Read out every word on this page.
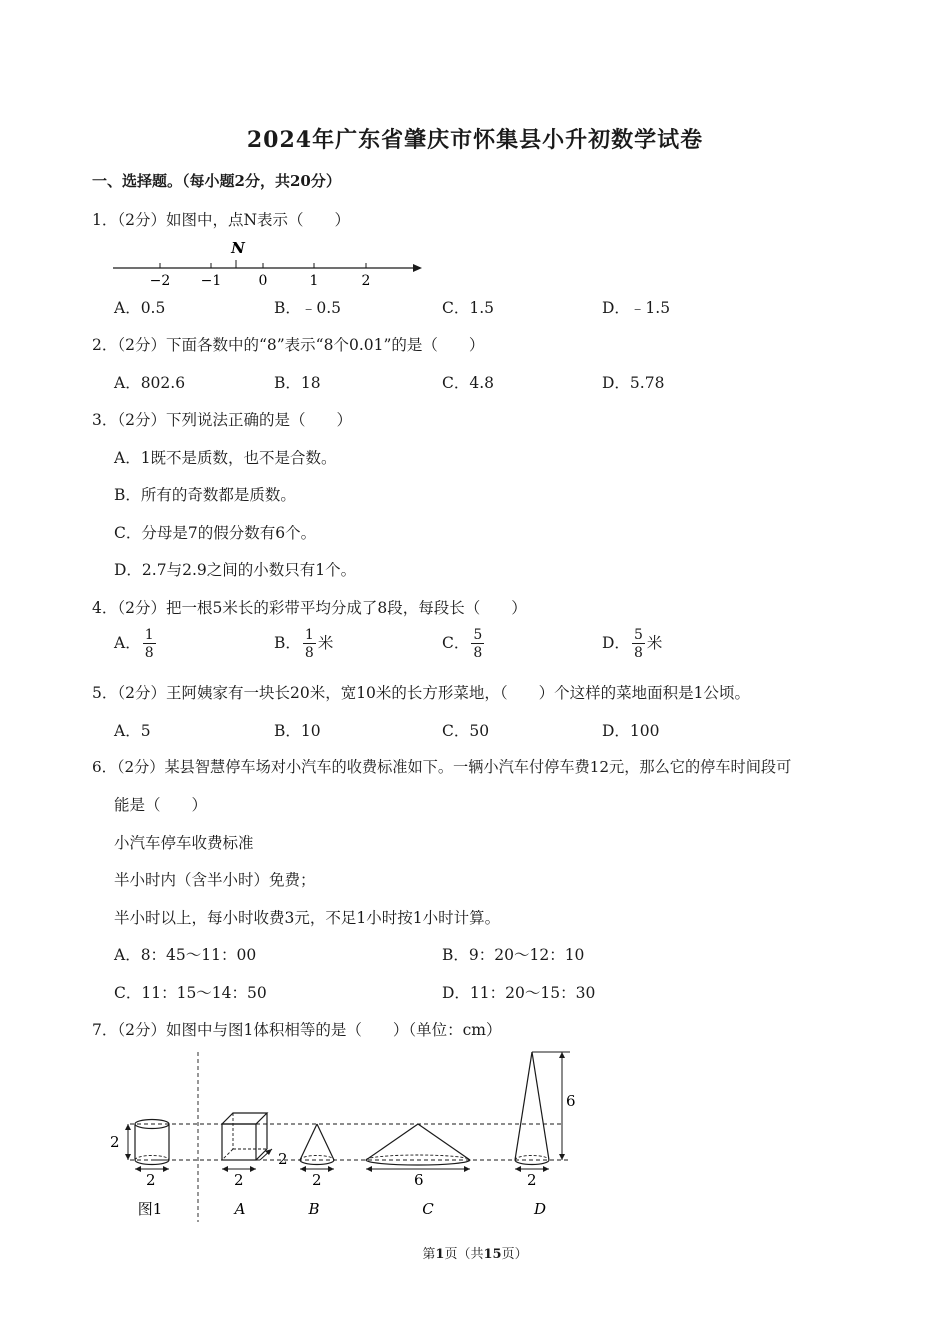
2024年广东省肇庆市怀集县小升初数学试卷
一、选择题。（每小题2分，共20分）
1．（2分）如图中，点N表示（　　）
N
−2 −1	0	1	2
A．0.5	B．﹣0.5	C．1.5	D．﹣1.5
2．（2分）下面各数中的“8”表示“8个0.01”的是（　　）
A．802.6	B．18	C．4.8	D．5.78
3．（2分）下列说法正确的是（　　）
A．1既不是质数，也不是合数。
B．所有的奇数都是质数。
C．分母是7的假分数有6个。
D．2.7与2.9之间的小数只有1个。
4．（2分）把一根5米长的彩带平均分成了8段，每段长（　　）
A． $\frac{1}{8}$	B． $\frac{1}{8}$ 米	C． $\frac{5}{8}$	D． $\frac{5}{8}$ 米
5．（2分）王阿姨家有一块长20米，宽10米的长方形菜地，（　　）个这样的菜地面积是1公顷。
A．5	B．10	C．50	D．100
6．（2分）某县智慧停车场对小汽车的收费标准如下。一辆小汽车付停车费12元，那么它的停车时间段可
能是（　　）
小汽车停车收费标准
半小时内（含半小时）免费；
半小时以上，每小时收费3元，不足1小时按1小时计算。
A．8：45～11：00	B．9：20～12：10
C．11：15～14：50	D．11：20～15：30
7．（2分）如图中与图1体积相等的是（　　）（单位：cm）
2
2	2
2
2	6
6
2
图1	A	B	C	D
第1页（共15页）
